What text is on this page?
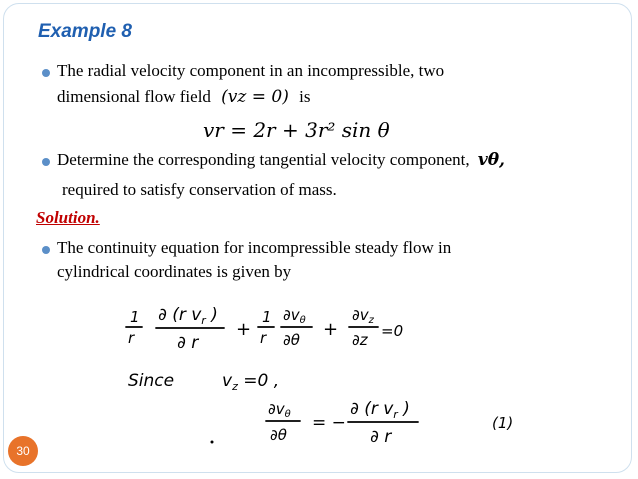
Example 8
The radial velocity component in an incompressible, two
dimensional flow field (vz = 0) is
vr = 2r + 3r² sin θ
Determine the corresponding tangential velocity component, vθ,
required to satisfy conservation of mass.
Solution.
The continuity equation for incompressible steady flow in
cylindrical coordinates is given by
1
r
∂ (r $v_r$ )
∂ r
+
1
r
$\partial v_\theta$
∂θ +
$\partial v_z$
∂z =0
Since	$v_z =0$ ,
$\partial v_\theta$
∂θ
= −
∂ (r $v_r$ )
∂ r
(1)
30
